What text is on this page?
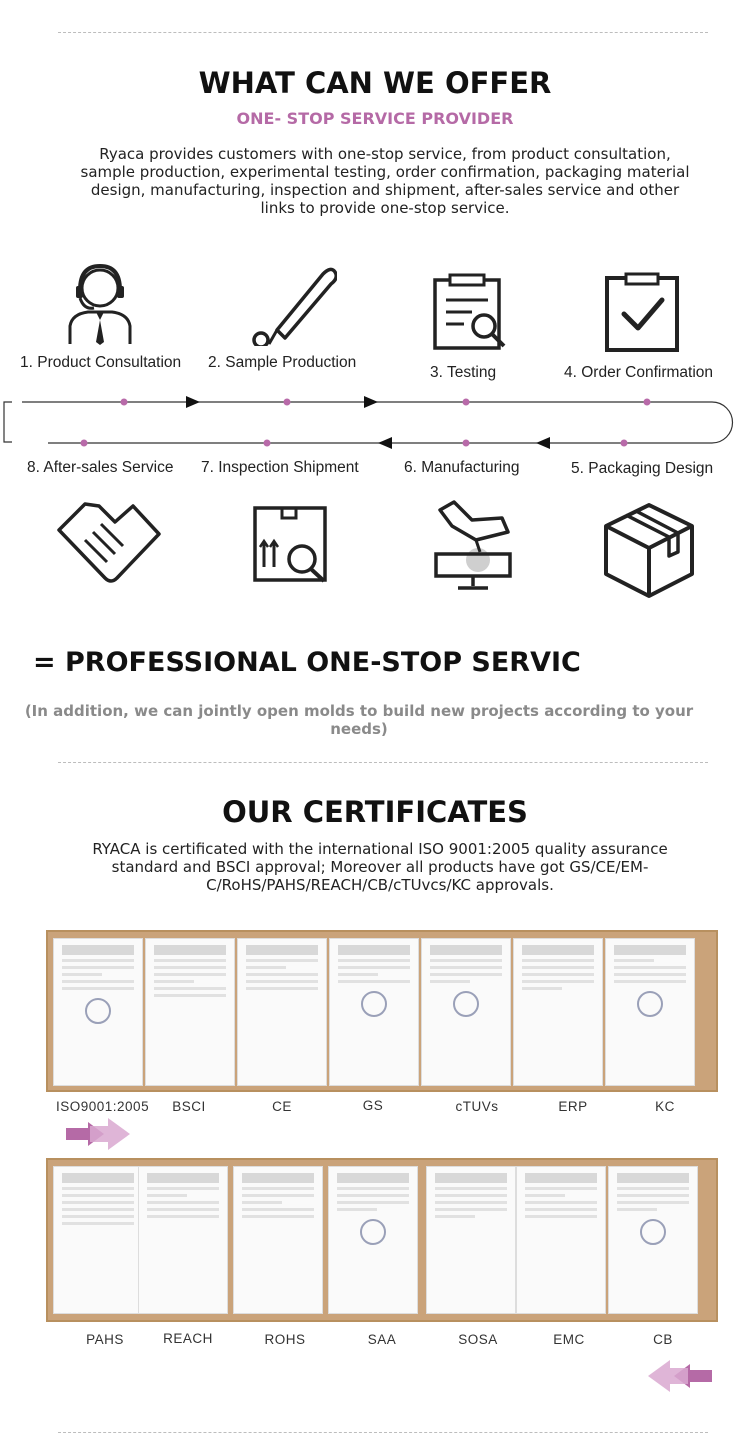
WHAT CAN WE OFFER
ONE- STOP SERVICE PROVIDER
Ryaca provides customers with one-stop service, from product consultation, sample production, experimental testing, order confirmation, packaging material design, manufacturing, inspection and shipment, after-sales service and other links to provide one-stop service.
1. Product Consultation 2. Sample Production
3. Testing	4. Order Confirmation
8. After-sales Service 7. Inspection Shipment	6. Manufacturing	5. Packaging Design
= PROFESSIONAL ONE-STOP SERVIC
(In addition, we can jointly open molds to build new projects according to your needs)
OUR CERTIFICATES
RYACA is certificated with the international ISO 9001:2005 quality assurance standard and BSCI approval; Moreover all products have got GS/CE/EM-C/RoHS/PAHS/REACH/CB/cTUvcs/KC approvals.
ISO9001:2005	BSCI	CE	GS	cTUVs	ERP	KC
PAHS	REACH	ROHS	SAA	SOSA	EMC	CB
